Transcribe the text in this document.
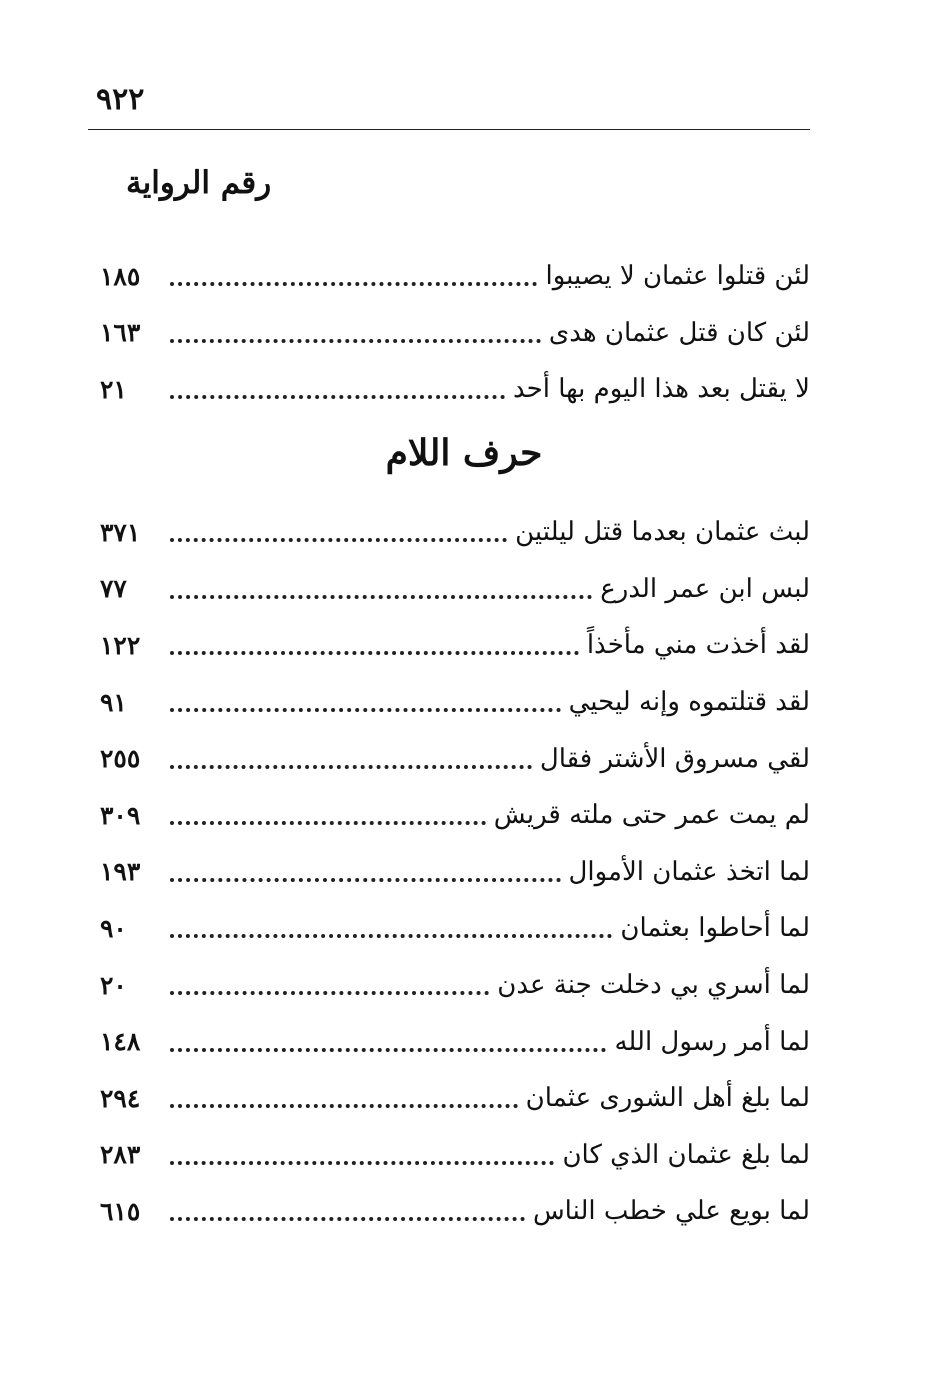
٩٢٢
رقم الرواية
لئن قتلوا عثمان لا يصيبوا
١٨٥
لئن كان قتل عثمان هدى
١٦٣
لا يقتل بعد هذا اليوم بها أحد
٢١
حرف اللام
لبث عثمان بعدما قتل ليلتين
٣٧١
لبس ابن عمر الدرع
٧٧
لقد أخذت مني مأخذاً
١٢٢
لقد قتلتموه وإنه ليحيي
٩١
لقي مسروق الأشتر فقال
٢٥٥
لم يمت عمر حتى ملته قريش
٣٠٩
لما اتخذ عثمان الأموال
١٩٣
لما أحاطوا بعثمان
٩٠
لما أسري بي دخلت جنة عدن
٢٠
لما أمر رسول الله
١٤٨
لما بلغ أهل الشورى عثمان
٢٩٤
لما بلغ عثمان الذي كان
٢٨٣
لما بويع علي خطب الناس
٦١٥
